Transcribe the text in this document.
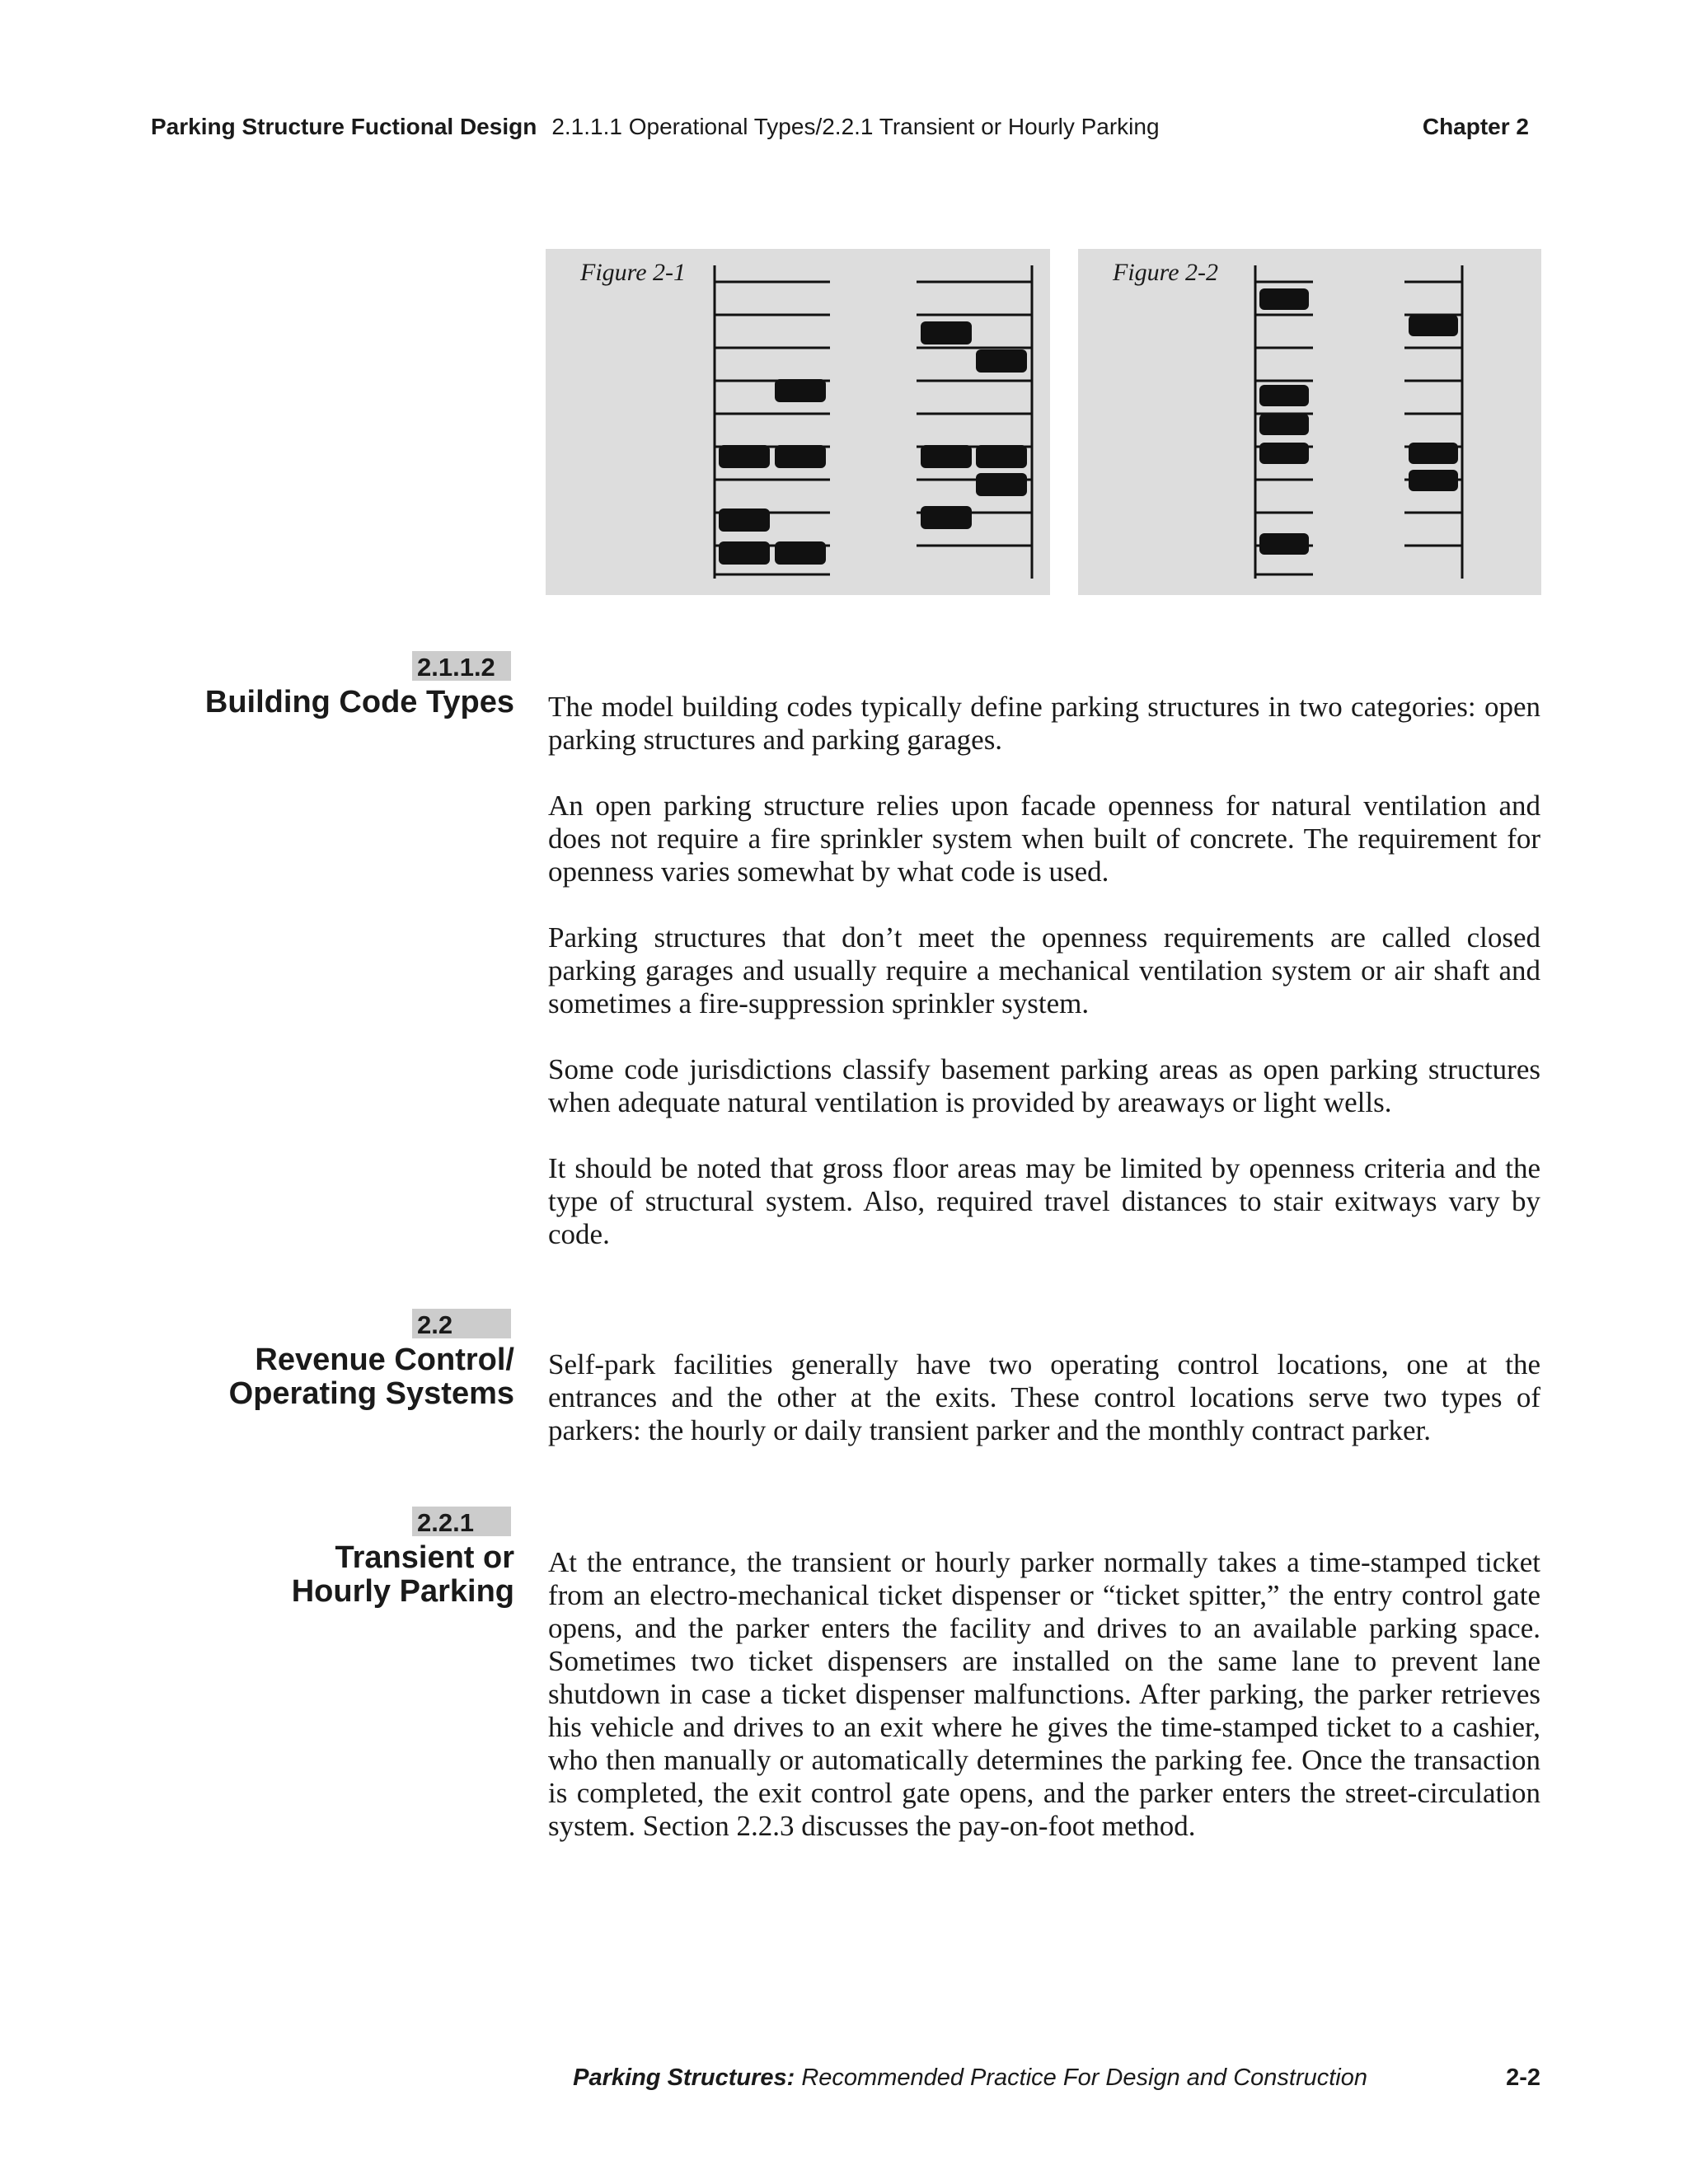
Parking Structure Fuctional Design 2.1.1.1 Operational Types/2.2.1 Transient or Hourly Parking	Chapter 2
Figure 2-1	Figure 2-2
2.1.1.2
Building Code Types The model building codes typically define parking structures in two categories: open parking structures and parking garages.

An open parking structure relies upon facade openness for natural ventilation and does not require a fire sprinkler system when built of concrete. The requirement for openness varies somewhat by what code is used.

Parking structures that don’t meet the openness requirements are called closed parking garages and usually require a mechanical ventilation system or air shaft and sometimes a fire-suppression sprinkler system.

Some code jurisdictions classify basement parking areas as open parking structures when adequate natural ventilation is provided by areaways or light wells.

It should be noted that gross floor areas may be limited by openness criteria and the type of structural system. Also, required travel distances to stair exitways vary by code.

2.2
Revenue Control/
Operating Systems

Self-park facilities generally have two operating control locations, one at the entrances and the other at the exits. These control locations serve two types of parkers: the hourly or daily transient parker and the monthly contract parker.

2.2.1
Transient or
Hourly Parking

At the entrance, the transient or hourly parker normally takes a time-stamped ticket from an electro-mechanical ticket dispenser or “ticket spitter,” the entry control gate opens, and the parker enters the facility and drives to an available parking space. Sometimes two ticket dispensers are installed on the same lane to prevent lane shutdown in case a ticket dispenser malfunctions. After parking, the parker retrieves his vehicle and drives to an exit where he gives the time-stamped ticket to a cashier, who then manually or automatically determines the parking fee. Once the transaction is completed, the exit control gate opens, and the parker enters the street-circulation system. Section 2.2.3 discusses the pay-on-foot method.

Parking Structures: Recommended Practice For Design and Construction	2-2
